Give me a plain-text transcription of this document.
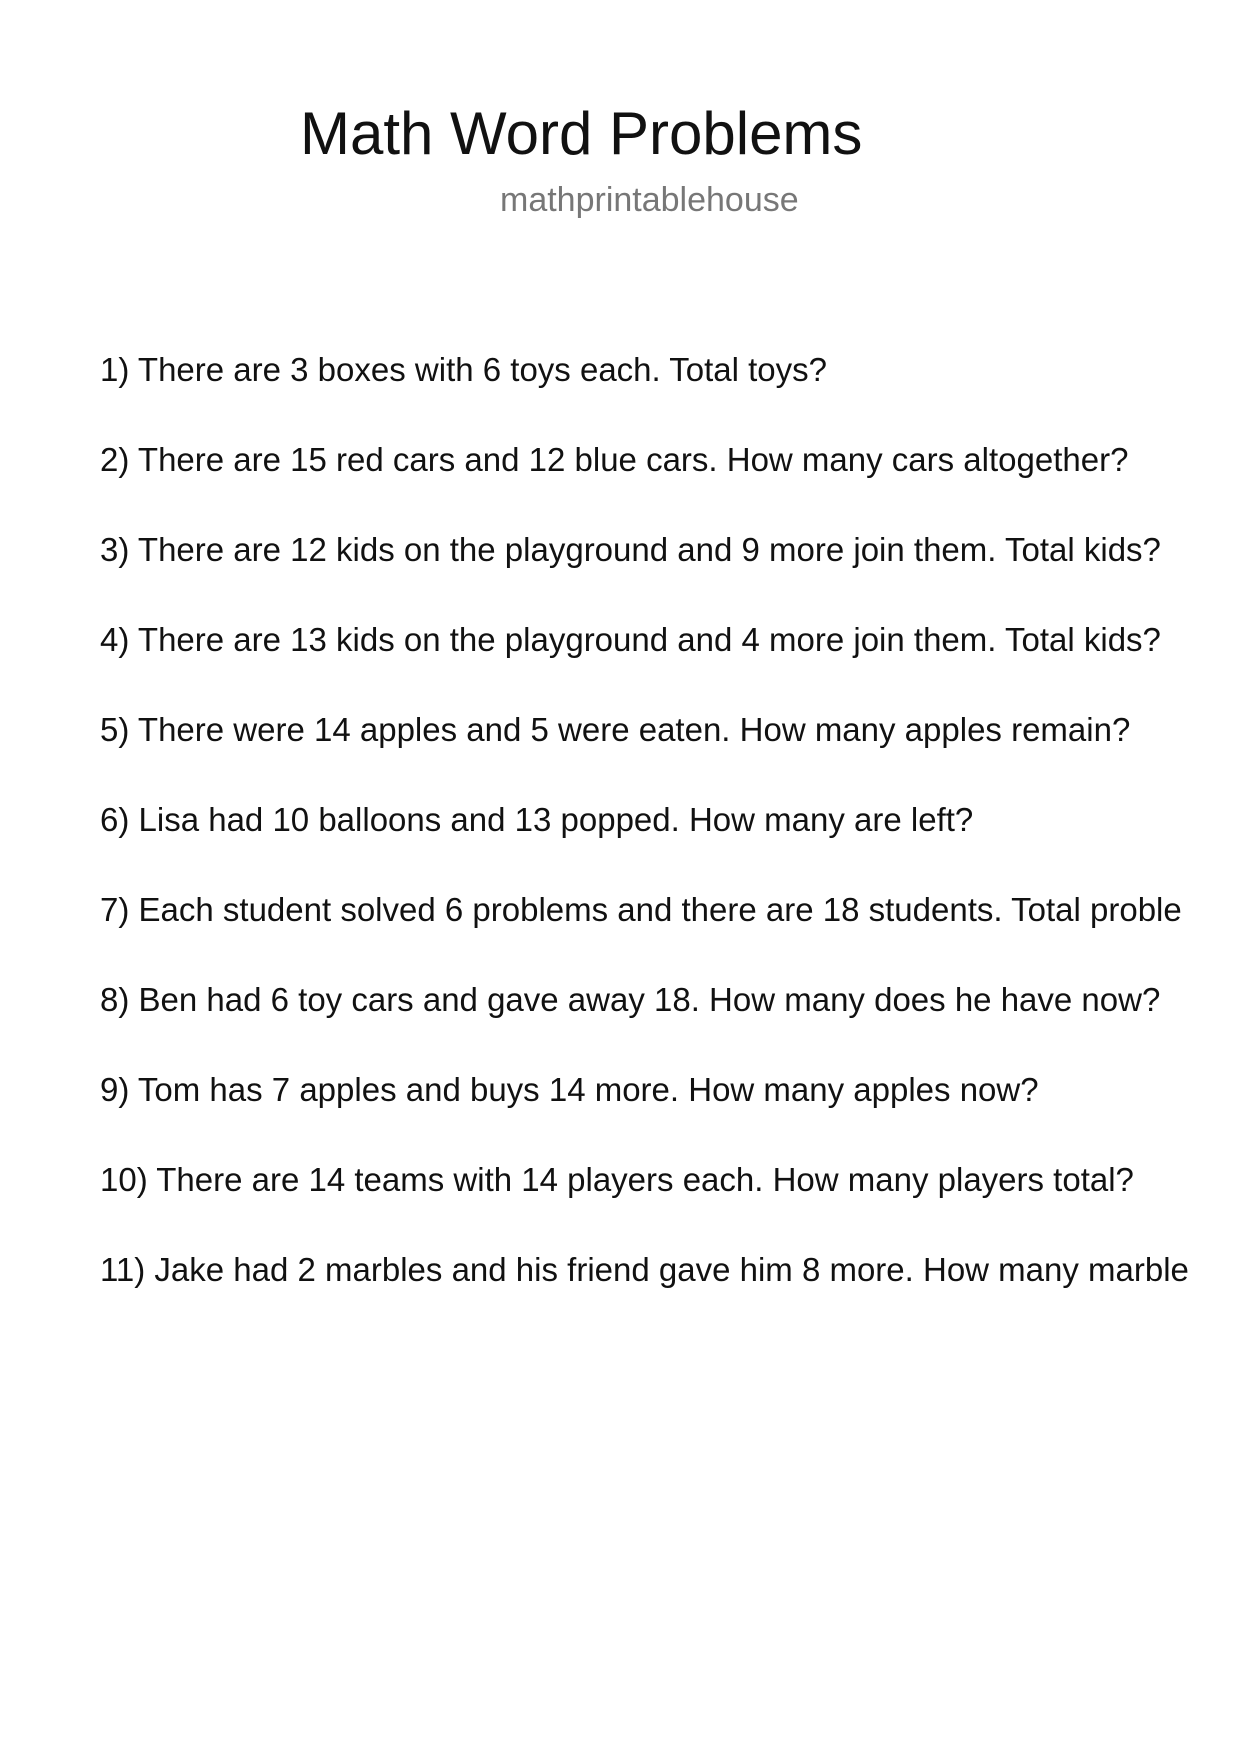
Math Word Problems
mathprintablehouse
1) There are 3 boxes with 6 toys each. Total toys?
2) There are 15 red cars and 12 blue cars. How many cars altogether?
3) There are 12 kids on the playground and 9 more join them. Total kids?
4) There are 13 kids on the playground and 4 more join them. Total kids?
5) There were 14 apples and 5 were eaten. How many apples remain?
6) Lisa had 10 balloons and 13 popped. How many are left?
7) Each student solved 6 problems and there are 18 students. Total proble
8) Ben had 6 toy cars and gave away 18. How many does he have now?
9) Tom has 7 apples and buys 14 more. How many apples now?
10) There are 14 teams with 14 players each. How many players total?
11) Jake had 2 marbles and his friend gave him 8 more. How many marble
